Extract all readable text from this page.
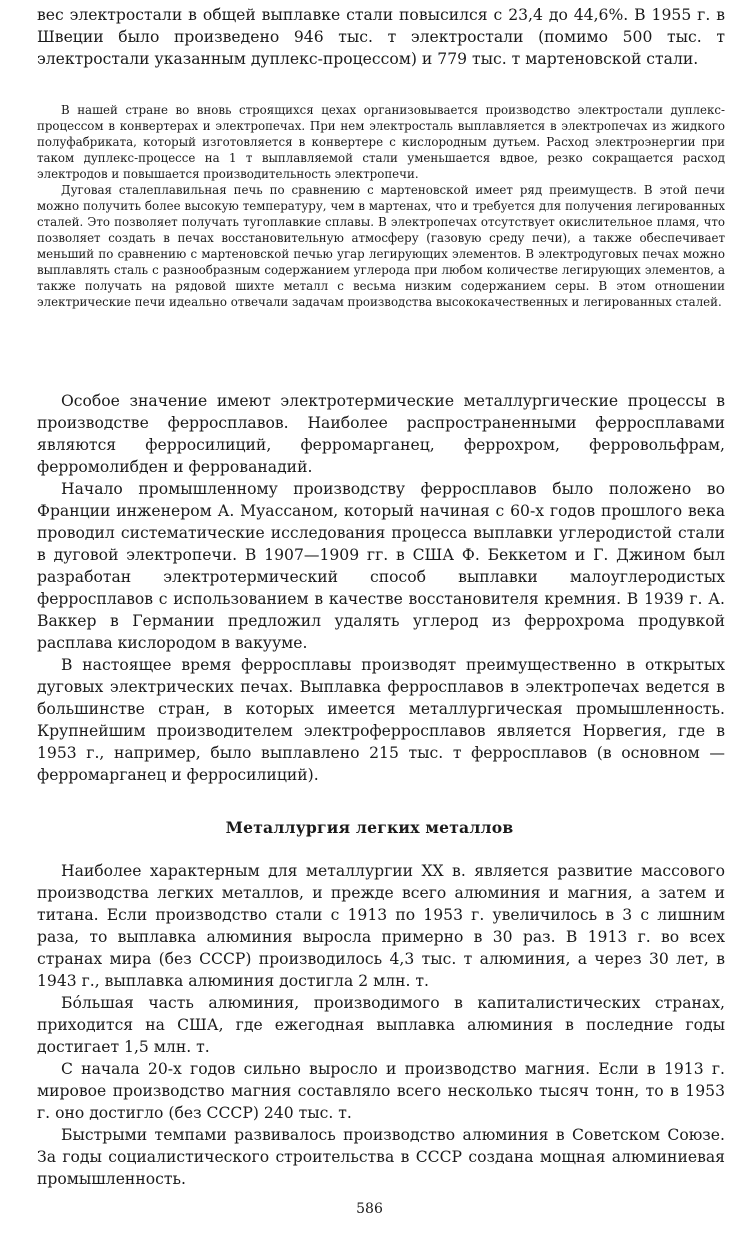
вес электростали в общей выплавке стали повысился с 23,4 до 44,6%. В 1955 г. в Швеции было произведено 946 тыс. т электростали (помимо 500 тыс. т электростали указанным дуплекс-процессом) и 779 тыс. т мартеновской стали.

В нашей стране во вновь строящихся цехах организовывается производство электростали дуплекс-процессом в конвертерах и электропечах. При нем электросталь выплавляется в электропечах из жидкого полуфабриката, который изготовляется в конвертере с кислородным дутьем. Расход электроэнергии при таком дуплекс-процессе на 1 т выплавляемой стали уменьшается вдвое, резко сокращается расход электродов и повышается производительность электропечи.

Дуговая сталеплавильная печь по сравнению с мартеновской имеет ряд преимуществ. В этой печи можно получить более высокую температуру, чем в мартенах, что и требуется для получения легированных сталей. Это позволяет получать тугоплавкие сплавы. В электропечах отсутствует окислительное пламя, что позволяет создать в печах восстановительную атмосферу (газовую среду печи), а также обеспечивает меньший по сравнению с мартеновской печью угар легирующих элементов. В электродуговых печах можно выплавлять сталь с разнообразным содержанием углерода при любом количестве легирующих элементов, а также получать на рядовой шихте металл с весьма низким содержанием серы. В этом отношении электрические печи идеально отвечали задачам производства высококачественных и легированных сталей.

Особое значение имеют электротермические металлургические процессы в производстве ферросплавов. Наиболее распространенными ферросплавами являются ферросилиций, ферромарганец, феррохром, ферровольфрам, ферромолибден и феррованадий.

Начало промышленному производству ферросплавов было положено во Франции инженером А. Муассаном, который начиная с 60-х годов прошлого века проводил систематические исследования процесса выплавки углеродистой стали в дуговой электропечи. В 1907—1909 гг. в США Ф. Беккетом и Г. Джином был разработан электротермический способ выплавки малоуглеродистых ферросплавов с использованием в качестве восстановителя кремния. В 1939 г. А. Ваккер в Германии предложил удалять углерод из феррохрома продувкой расплава кислородом в вакууме.

В настоящее время ферросплавы производят преимущественно в открытых дуговых электрических печах. Выплавка ферросплавов в электропечах ведется в большинстве стран, в которых имеется металлургическая промышленность. Крупнейшим производителем электроферросплавов является Норвегия, где в 1953 г., например, было выплавлено 215 тыс. т ферросплавов (в основном — ферромарганец и ферросилиций).

Металлургия легких металлов

Наиболее характерным для металлургии XX в. является развитие массового производства легких металлов, и прежде всего алюминия и магния, а затем и титана. Если производство стали с 1913 по 1953 г. увеличилось в 3 с лишним раза, то выплавка алюминия выросла примерно в 30 раз. В 1913 г. во всех странах мира (без СССР) производилось 4,3 тыс. т алюминия, а через 30 лет, в 1943 г., выплавка алюминия достигла 2 млн. т.

Бо́льшая часть алюминия, производимого в капиталистических странах, приходится на США, где ежегодная выплавка алюминия в последние годы достигает 1,5 млн. т.

С начала 20-х годов сильно выросло и производство магния. Если в 1913 г. мировое производство магния составляло всего несколько тысяч тонн, то в 1953 г. оно достигло (без СССР) 240 тыс. т.

Быстрыми темпами развивалось производство алюминия в Советском Союзе. За годы социалистического строительства в СССР создана мощная алюминиевая промышленность.

586
